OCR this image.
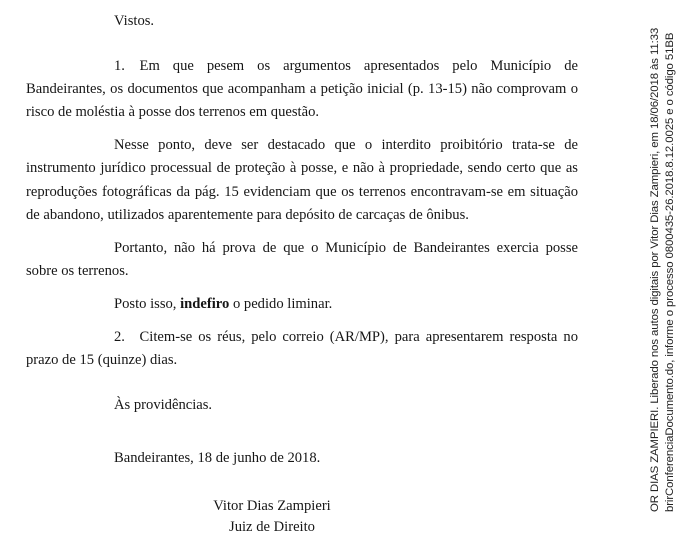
Vistos.

1. Em que pesem os argumentos apresentados pelo Município de Bandeirantes, os documentos que acompanham a petição inicial (p. 13-15) não comprovam o risco de moléstia à posse dos terrenos em questão.

Nesse ponto, deve ser destacado que o interdito proibitório trata-se de instrumento jurídico processual de proteção à posse, e não à propriedade, sendo certo que as reproduções fotográficas da pág. 15 evidenciam que os terrenos encontravam-se em situação de abandono, utilizados aparentemente para depósito de carcaças de ônibus.

Portanto, não há prova de que o Município de Bandeirantes exercia posse sobre os terrenos.

Posto isso, indefiro o pedido liminar.

2. Citem-se os réus, pelo correio (AR/MP), para apresentarem resposta no prazo de 15 (quinze) dias.

Às providências.

Bandeirantes, 18 de junho de 2018.

Vitor Dias Zampieri
Juiz de Direito
OR DIAS ZAMPIERI. Liberado nos autos digitais por Vitor Dias Zampieri, em 18/06/2018 às 11:33 brirConferenciaDocumento.do, informe o processo 0800435-26.2018.8.12.0025 e o código 51BB
